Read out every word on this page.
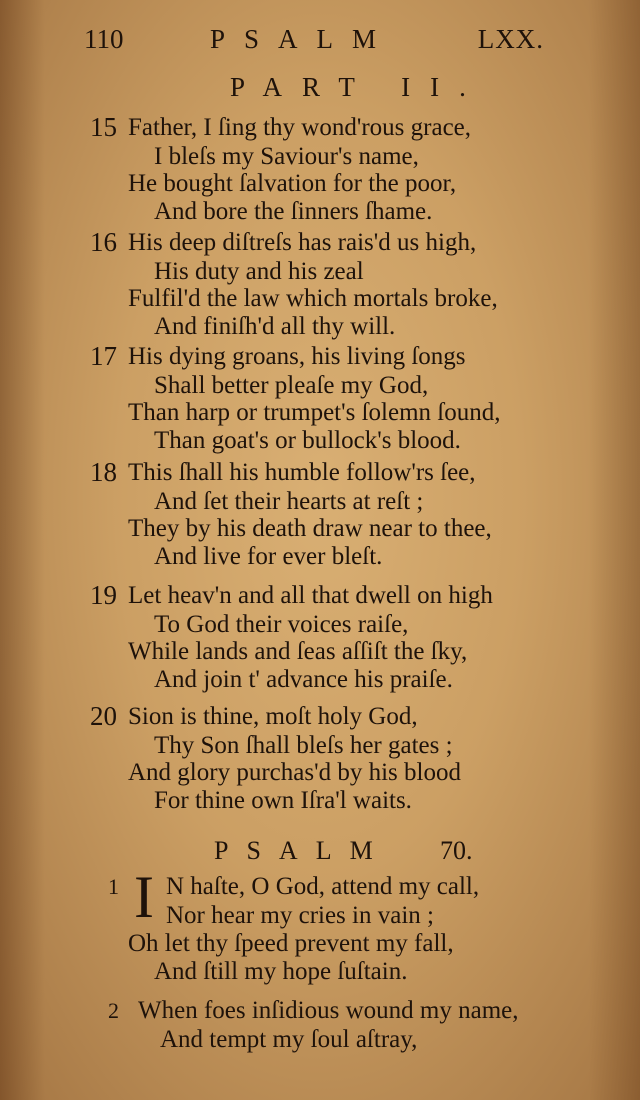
110	PSALM	LXX.
PART II.
15 Father, I ſing thy wond'rous grace,
I bleſs my Saviour's name,
He bought ſalvation for the poor,
And bore the ſinners ſhame.
16 His deep diſtreſs has rais'd us high,
His duty and his zeal
Fulfil'd the law which mortals broke,
And finiſh'd all thy will.
17 His dying groans, his living ſongs
Shall better pleaſe my God,
Than harp or trumpet's ſolemn ſound,
Than goat's or bullock's blood.
18 This ſhall his humble follow'rs ſee,
And ſet their hearts at reſt ;
They by his death draw near to thee,
And live for ever bleſt.
19 Let heav'n and all that dwell on high
To God their voices raiſe,
While lands and ſeas aſſiſt the ſky,
And join t' advance his praiſe.
20 Sion is thine, moſt holy God,
Thy Son ſhall bleſs her gates ;
And glory purchas'd by his blood
For thine own Iſra'l waits.
PSALM 70.
1 N haſte, O God, attend my call,
Nor hear my cries in vain ;
Oh let thy ſpeed prevent my fall,
And ſtill my hope ſuſtain.
I
2 When foes inſidious wound my name,
And tempt my ſoul aſtray,
